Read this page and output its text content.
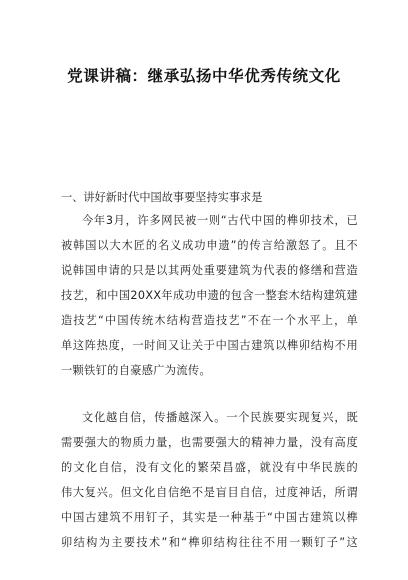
党课讲稿：继承弘扬中华优秀传统文化
一、讲好新时代中国故事要坚持实事求是
今年3月，许多网民被一则“古代中国的榫卯技术，已
被韩国以大木匠的名义成功申遗”的传言给激怒了。且不
说韩国申请的只是以其两处重要建筑为代表的修缮和营造
技艺，和中国20XX年成功申遗的包含一整套木结构建筑建
造技艺“中国传统木结构营造技艺”不在一个水平上，单
单这阵热度，一时间又让关于中国古建筑以榫卯结构不用
一颗铁钉的自豪感广为流传。
文化越自信，传播越深入。一个民族要实现复兴，既
需要强大的物质力量，也需要强大的精神力量，没有高度
的文化自信，没有文化的繁荣昌盛，就没有中华民族的
伟大复兴。但文化自信绝不是盲目自信，过度神话，所谓
中国古建筑不用钉子，其实是一种基于“中国古建筑以榫
卯结构为主要技术”和“榫卯结构往往不用一颗钉子”这
